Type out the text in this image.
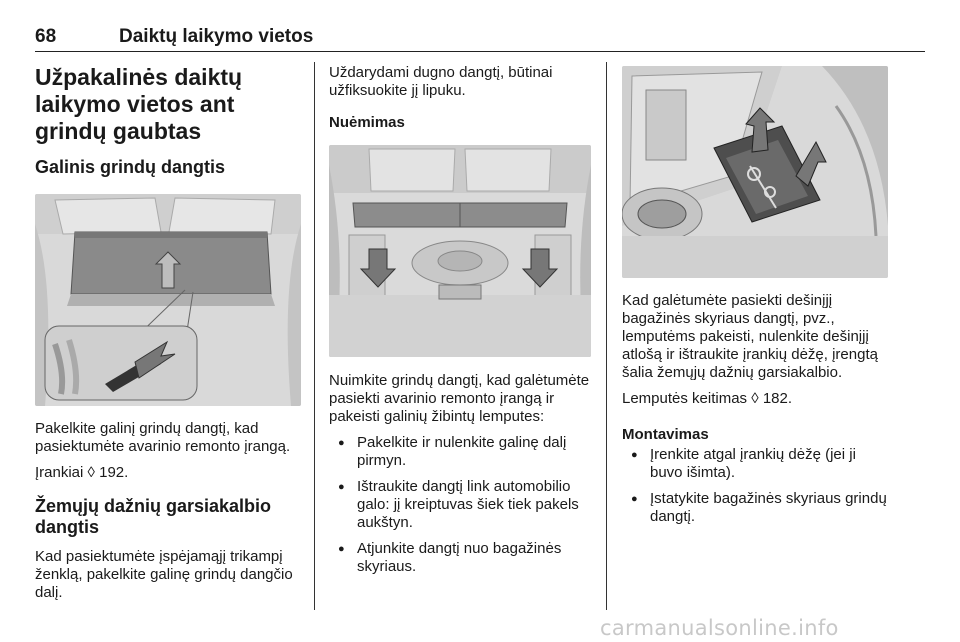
68	Daiktų laikymo vietos
Užpakalinės daiktų laikymo vietos ant grindų gaubtas
Galinis grindų dangtis

Pakelkite galinį grindų dangtį, kad pasiektumėte avarinio remonto įrangą.

Įrankiai ◊ 192.

Žemųjų dažnių garsiakalbio dangtis

Kad pasiektumėte įspėjamąjį trikampį ženklą, pakelkite galinę grindų dangčio dalį.

Uždarydami dugno dangtį, būtinai užfiksuokite jį lipuku.

Nuėmimas

Nuimkite grindų dangtį, kad galėtumėte pasiekti avarinio remonto įrangą ir pakeisti galinių žibintų lemputes:

● Pakelkite ir nulenkite galinę dalį pirmyn.
● Ištraukite dangtį link automobilio galo: jį kreiptuvas šiek tiek pakels aukštyn.
● Atjunkite dangtį nuo bagažinės skyriaus.

Kad galėtumėte pasiekti dešinįjį bagažinės skyriaus dangtį, pvz., lemputėms pakeisti, nulenkite dešinįjį atlošą ir ištraukite įrankių dėžę, įrengtą šalia žemųjų dažnių garsiakalbio.

Lemputės keitimas ◊ 182.

Montavimas
● Įrenkite atgal įrankių dėžę (jei ji buvo išimta).
● Įstatykite bagažinės skyriaus grindų dangtį.
carmanualsonline.info
